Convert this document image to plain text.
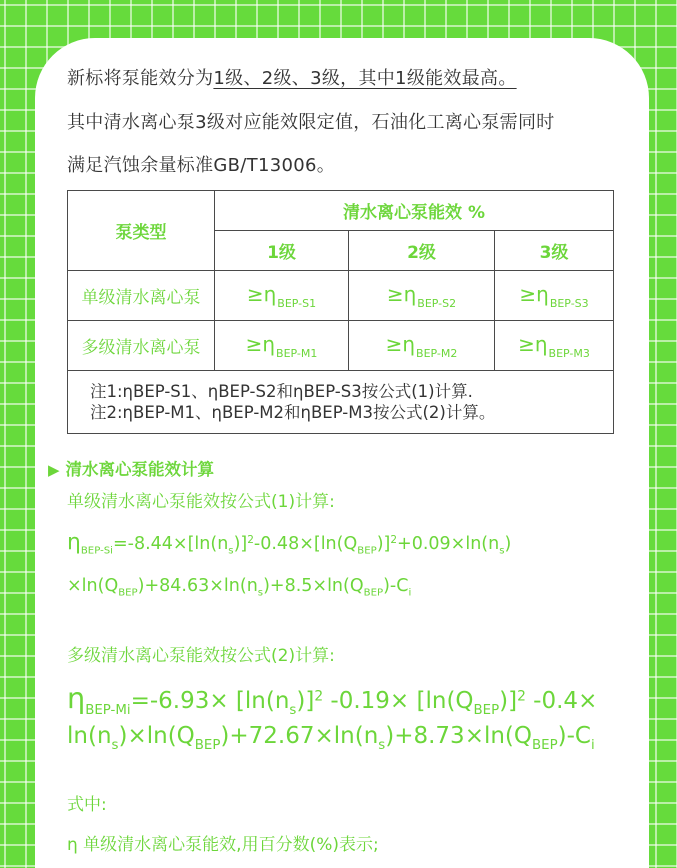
新标将泵能效分为1级、2级、3级，其中1级能效最高。
其中清水离心泵3级对应能效限定值，石油化工离心泵需同时
满足汽蚀余量标准GB/T13006。
泵类型	清水离心泵能效 %		
	1级	2级	3级
单级清水离心泵	$\ge\eta_{BEP-S1}$	$\ge\eta_{BEP-S2}$	$\ge\eta_{BEP-S3}$
多级清水离心泵	$\ge\eta_{BEP-M1}$	$\ge\eta_{BEP-M2}$	$\ge\eta_{BEP-M3}$

注1:ηBEP-S1、ηBEP-S2和ηBEP-S3按公式(1)计算.
注2:ηBEP-M1、ηBEP-M2和ηBEP-M3按公式(2)计算。			
▶ 清水离心泵能效计算
单级清水离心泵能效按公式(1)计算:
$\eta_{BEP-Si}=-8.44\times[\ln(n_s)]^2-0.48\times[\ln(Q_{BEP})]^2+0.09\times\ln(n_s)$
$\times\ln(Q_{BEP})+84.63\times\ln(n_s)+8.5\times\ln(Q_{BEP})-C_i$
多级清水离心泵能效按公式(2)计算:
$\eta_{BEP-Mi}=-6.93\times [\ln(n_s)]^2$ $-0.19\times [\ln(Q_{BEP})]^2$ -0.4×
$\ln(n_s)\times\ln(Q_{BEP})+72.67\times\ln(n_s)+8.73\times\ln(Q_{BEP})-C_i$
式中:
η 单级清水离心泵能效,用百分数(%)表示;
